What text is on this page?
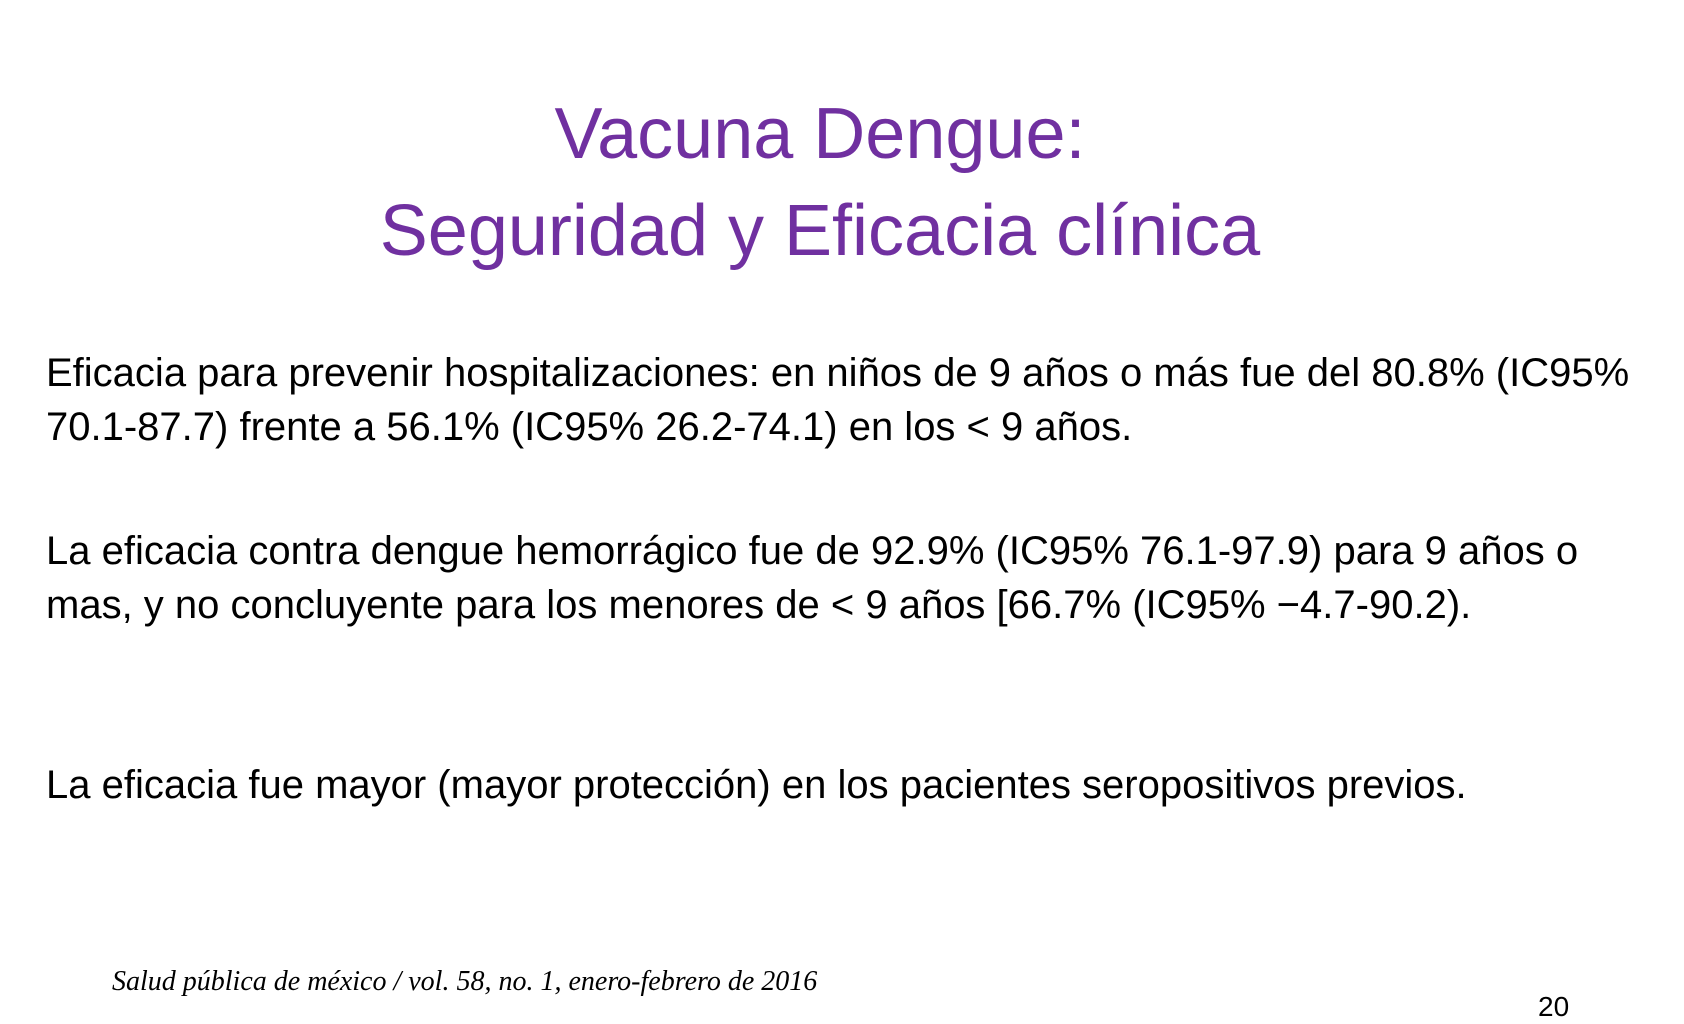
Vacuna Dengue:
Seguridad y Eficacia clínica

Eficacia para prevenir hospitalizaciones: en niños de 9 años o más fue del 80.8% (IC95% 70.1-87.7) frente a 56.1% (IC95% 26.2-74.1) en los < 9 años.

La eficacia contra dengue hemorrágico fue de 92.9% (IC95% 76.1-97.9) para 9 años o mas, y no concluyente para los menores de < 9 años [66.7% (IC95% −4.7-90.2).

La eficacia fue mayor (mayor protección) en los pacientes seropositivos previos.

Salud pública de méxico / vol. 58, no. 1, enero-febrero de 2016

20
